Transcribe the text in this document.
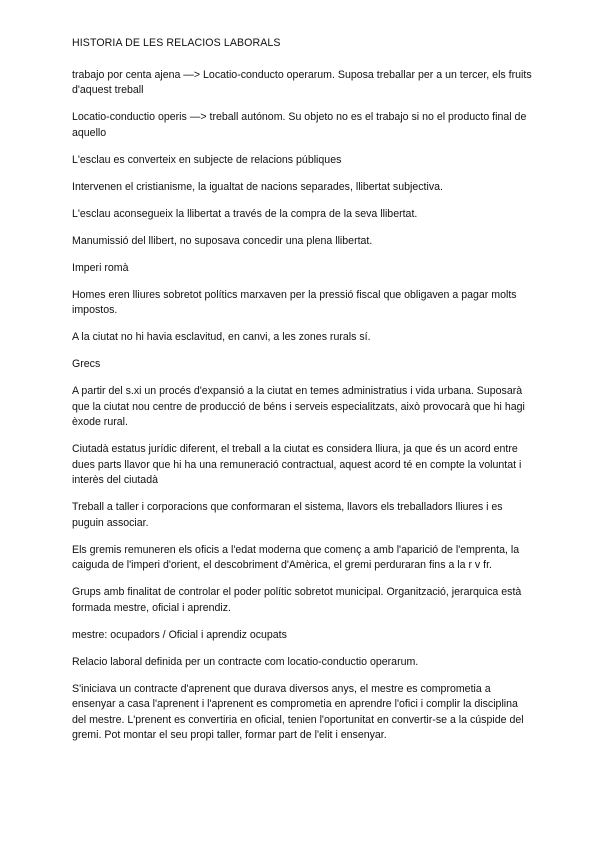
HISTORIA DE LES RELACIOS LABORALS

trabajo por centa ajena —> Locatio-conducto operarum. Suposa treballar per a un tercer, els fruits d'aquest treball

Locatio-conductio operis —> treball autónom. Su objeto no es el trabajo si no el producto final de aquello

L'esclau es converteix en subjecte de relacions públiques

Intervenen el cristianisme, la igualtat de nacions separades, llibertat subjectiva.

L'esclau aconsegueix la llibertat a través de la compra de la seva llibertat.

Manumissió del llibert, no suposava concedir una plena llibertat.

Imperi romà

Homes eren lliures sobretot polítics marxaven per la pressió fiscal que obligaven a pagar molts impostos.

A la ciutat no hi havia esclavitud, en canvi, a les zones rurals sí.

Grecs

A partir del s.xi un procés d'expansió a la ciutat en temes administratius i vida urbana. Suposarà que la ciutat nou centre de producció de béns i serveis especialitzats, això provocarà que hi hagi èxode rural.

Ciutadà estatus jurídic diferent, el treball a la ciutat es considera lliura, ja que és un acord entre dues parts llavor que hi ha una remuneració contractual, aquest acord té en compte la voluntat i interès del ciutadà

Treball a taller i corporacions que conformaran el sistema, llavors els treballadors lliures i es puguin associar.

Els gremis remuneren els oficis a l'edat moderna que començ a amb l'aparició de l'emprenta, la caiguda de l'imperi d'orient, el descobriment d'Amèrica, el gremi perduraran fins a la r v fr.

Grups amb finalitat de controlar el poder polític sobretot municipal. Organització, jerarquica està formada mestre, oficial i aprendiz.

mestre: ocupadors / Oficial i aprendiz ocupats

Relacio laboral definida per un contracte com locatio-conductio operarum.

S'iniciava un contracte d'aprenent que durava diversos anys, el mestre es comprometia a ensenyar a casa l'aprenent i l'aprenent es comprometia en aprendre l'ofici i complir la disciplina del mestre. L'prenent es convertiria en oficial, tenien l'oportunitat en convertir-se a la cúspide del gremi. Pot montar el seu propi taller, formar part de l'elit i ensenyar.
